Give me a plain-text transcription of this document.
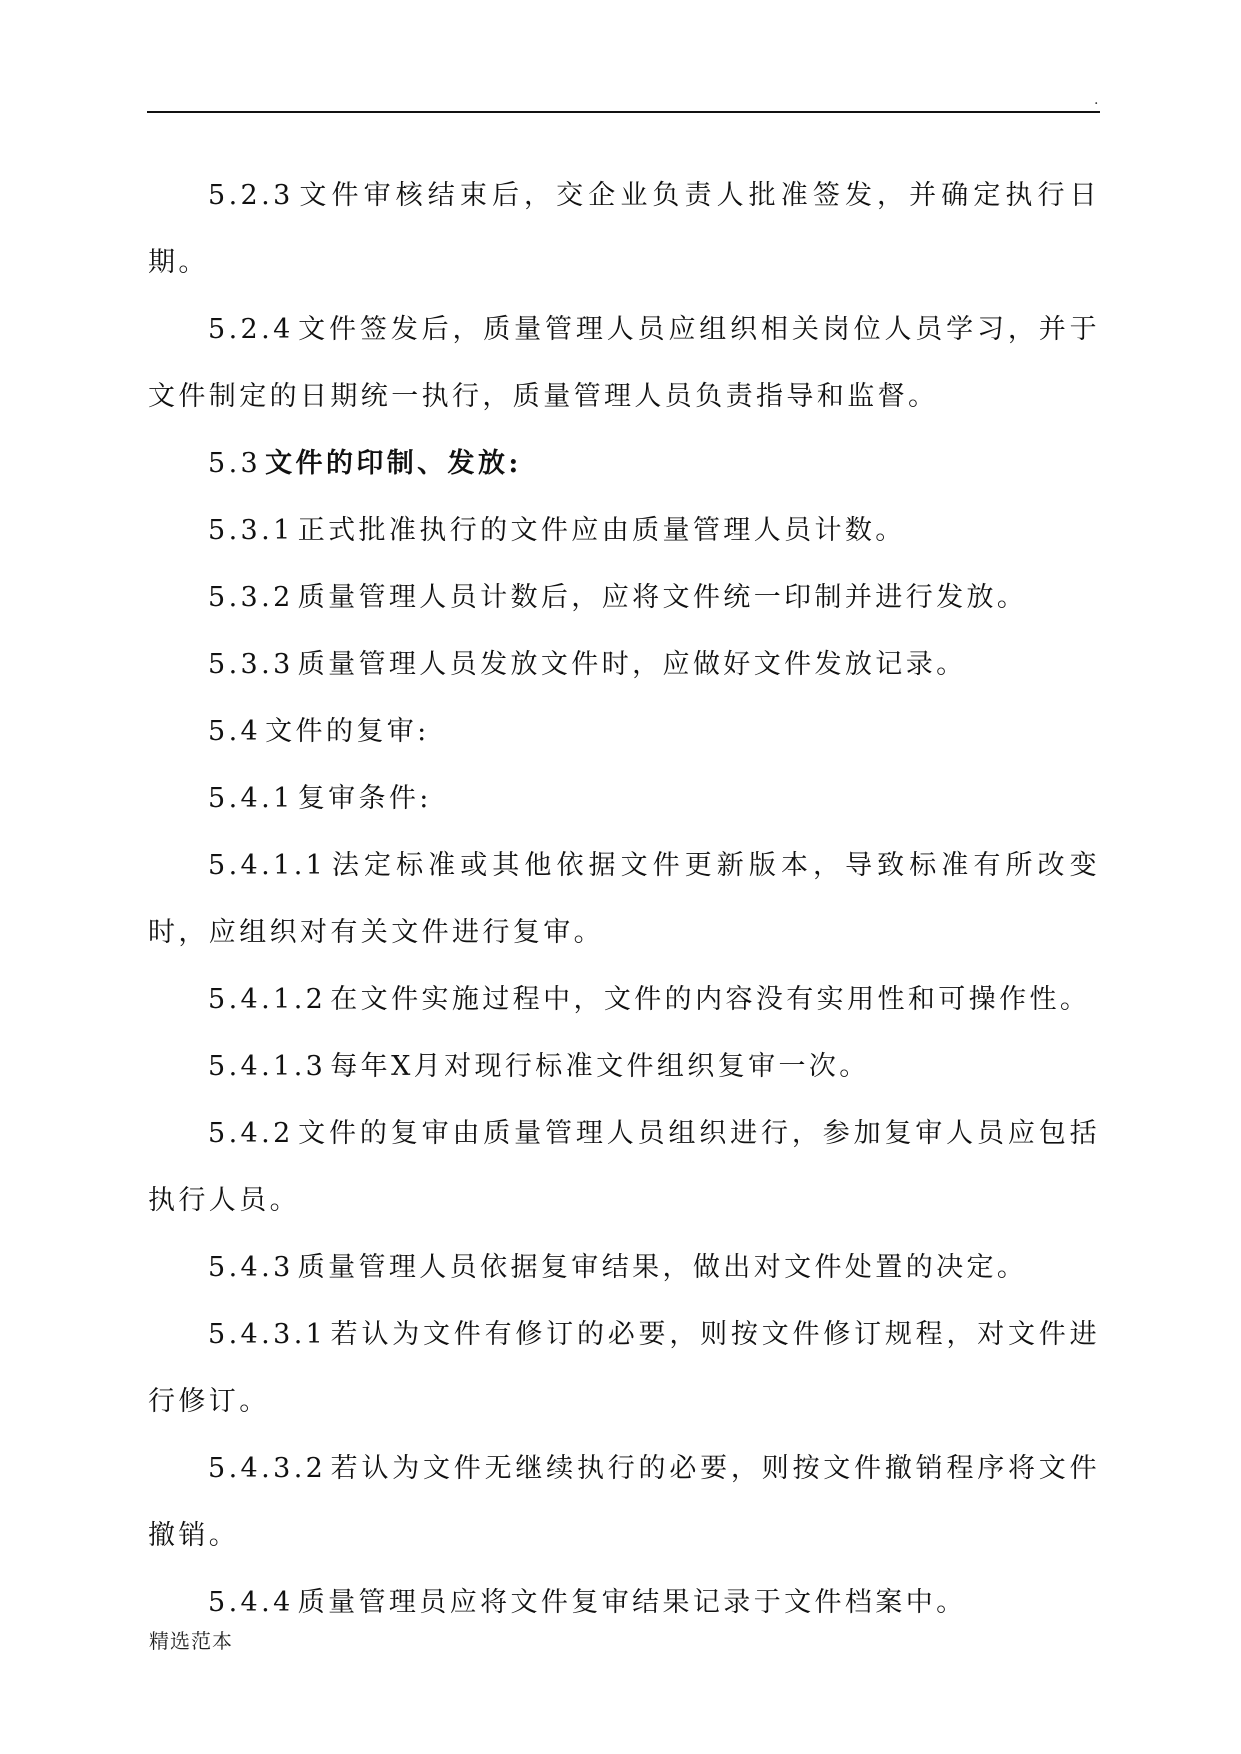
.

5.2.3 文件审核结束后，交企业负责人批准签发，并确定执行日期。

5.2.4 文件签发后，质量管理人员应组织相关岗位人员学习，并于文件制定的日期统一执行，质量管理人员负责指导和监督。

5.3 文件的印制、发放:

5.3.1 正式批准执行的文件应由质量管理人员计数。

5.3.2 质量管理人员计数后，应将文件统一印制并进行发放。

5.3.3 质量管理人员发放文件时，应做好文件发放记录。

5.4 文件的复审:

5.4.1 复审条件:

5.4.1.1 法定标准或其他依据文件更新版本，导致标准有所改变时，应组织对有关文件进行复审。

5.4.1.2 在文件实施过程中，文件的内容没有实用性和可操作性。

5.4.1.3 每年X月对现行标准文件组织复审一次。

5.4.2 文件的复审由质量管理人员组织进行，参加复审人员应包括执行人员。

5.4.3 质量管理人员依据复审结果，做出对文件处置的决定。

5.4.3.1 若认为文件有修订的必要，则按文件修订规程，对文件进行修订。

5.4.3.2 若认为文件无继续执行的必要，则按文件撤销程序将文件撤销。

5.4.4 质量管理员应将文件复审结果记录于文件档案中。

精选范本
